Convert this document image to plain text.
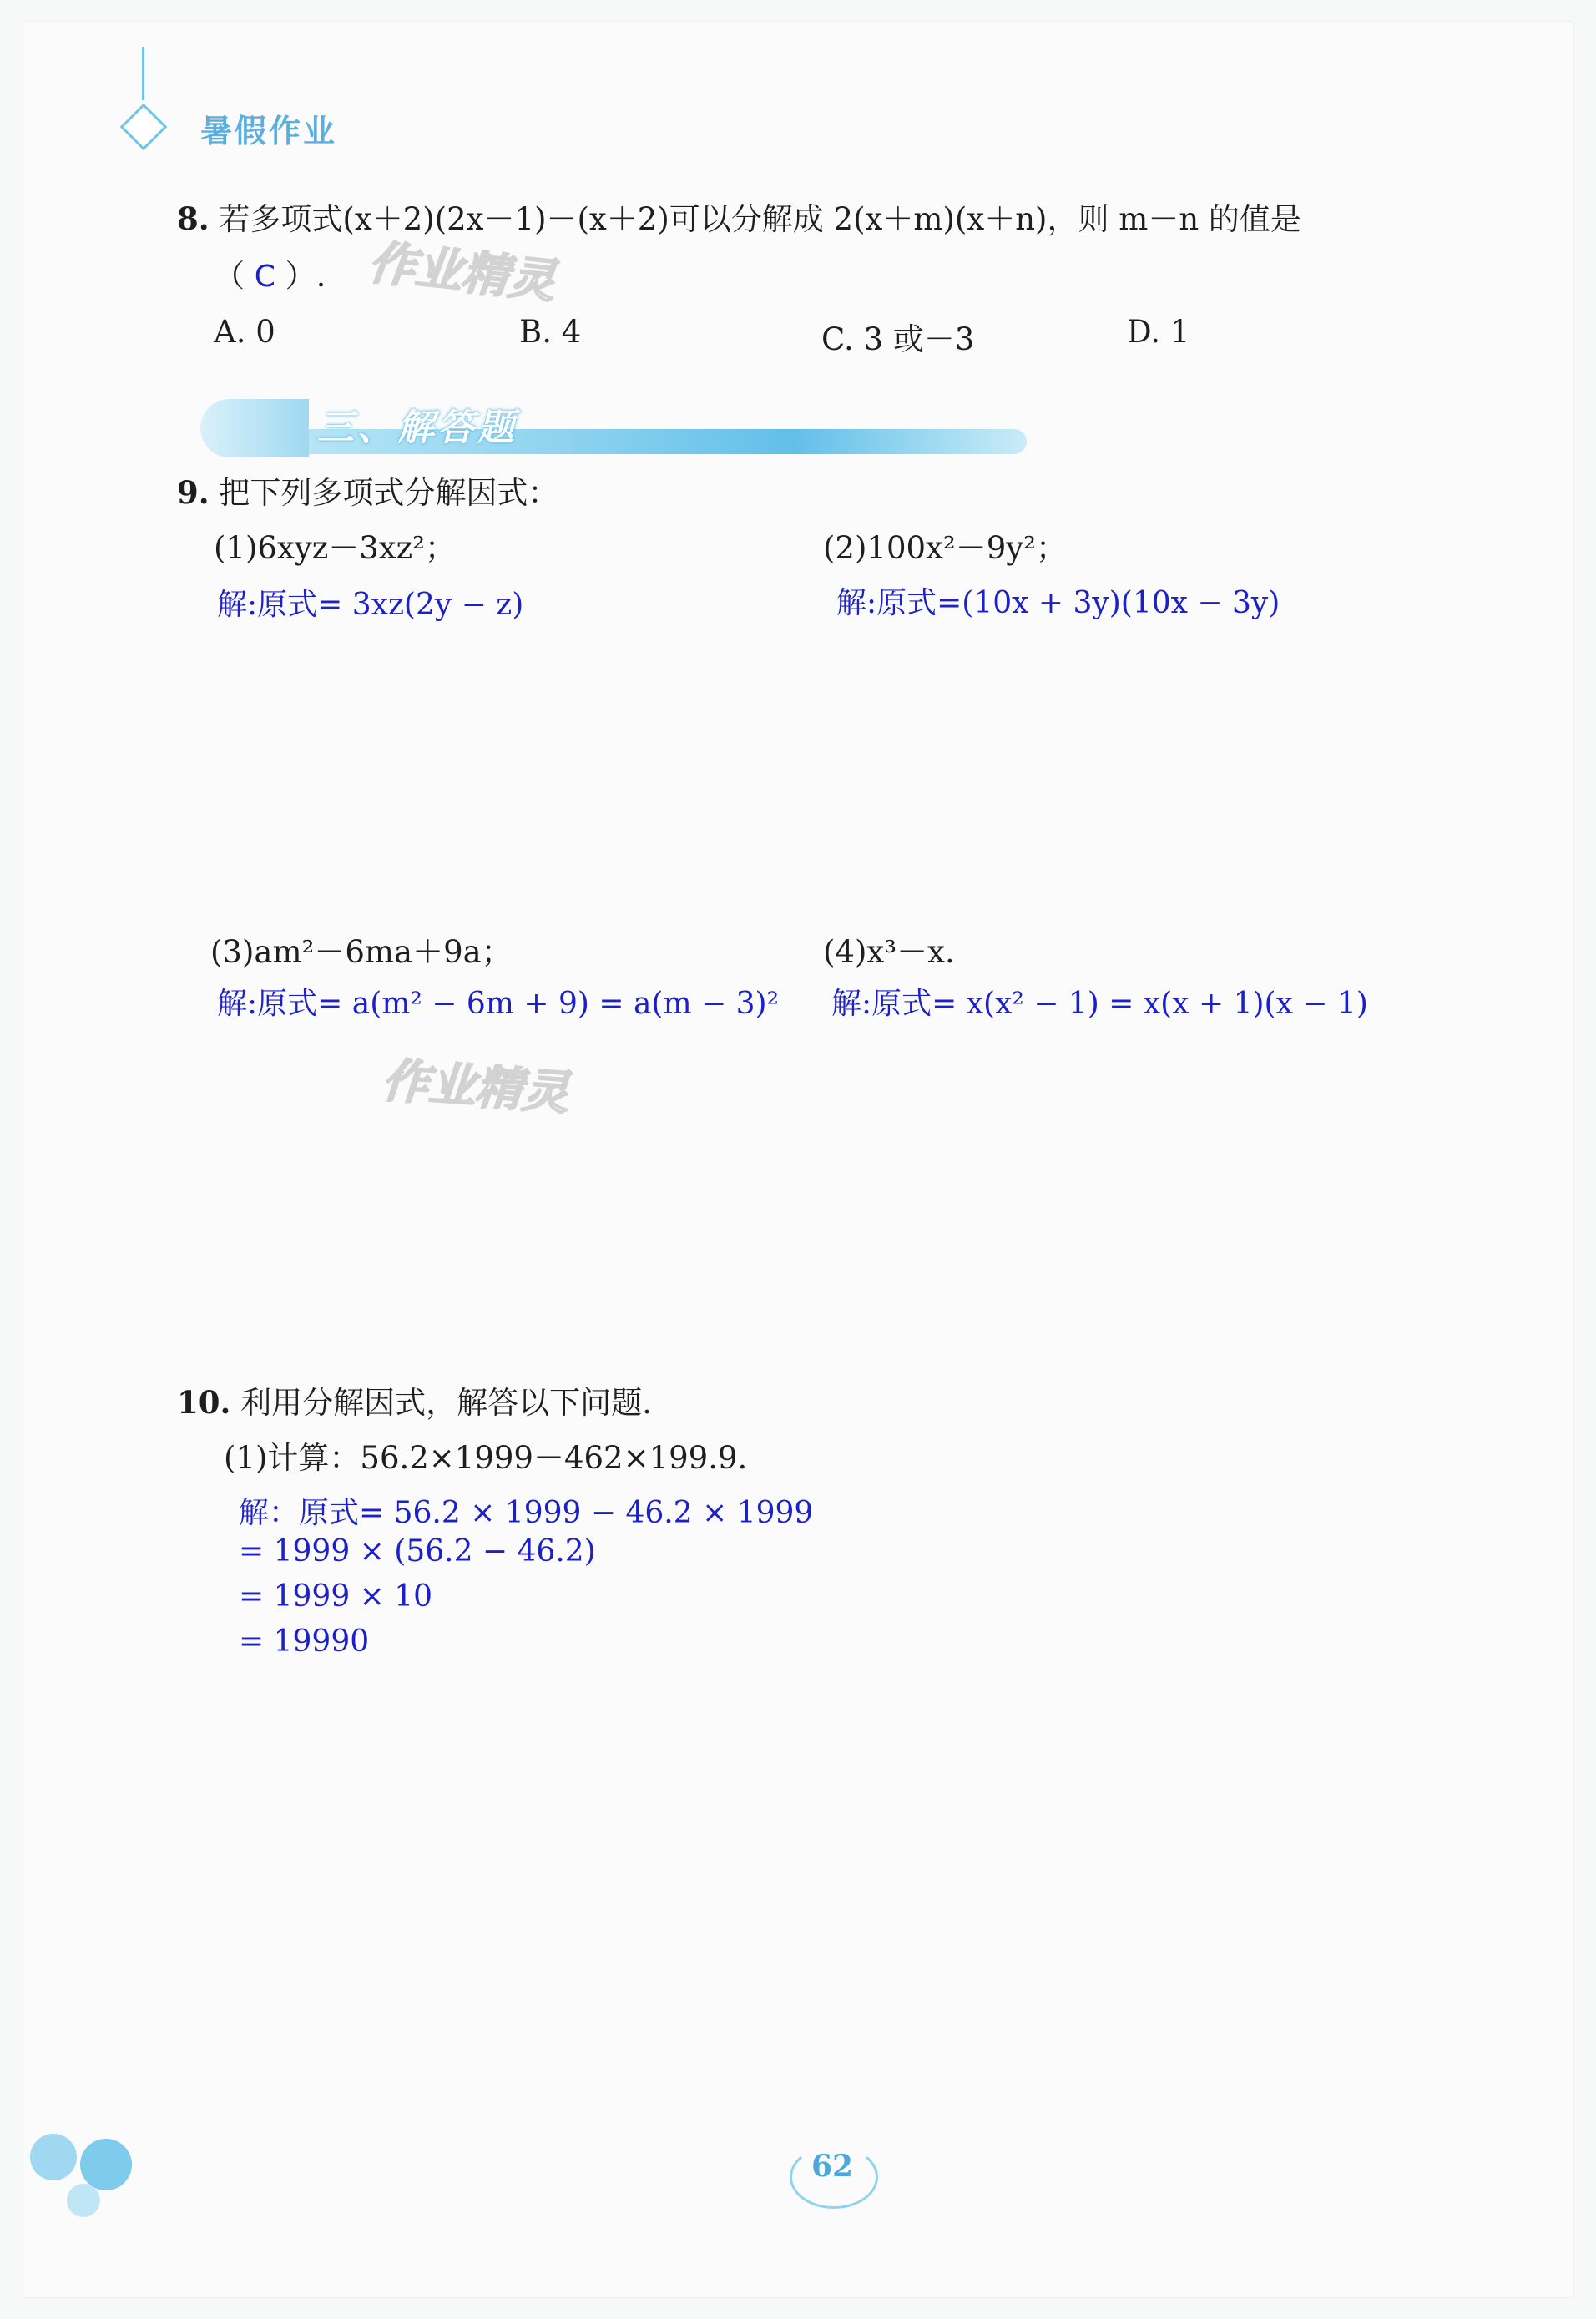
暑假作业
8. 若多项式(x＋2)(2x－1)－(x＋2)可以分解成 2(x＋m)(x＋n)，则 m－n 的值是
（ C ）. 作业精灵
A. 0	B. 4	C. 3 或－3	D. 1
三、解答题
9. 把下列多项式分解因式：
(1)6xyz－3xz²；
解:原式= 3xz(2y − z)
(2)100x²－9y²；
解:原式=(10x + 3y)(10x − 3y)
(3)am²－6ma＋9a；
解:原式= a(m² − 6m + 9) = a(m − 3)²
(4)x³－x.
解:原式= x(x² − 1) = x(x + 1)(x − 1)
作业精灵
10. 利用分解因式，解答以下问题.
(1)计算：56.2×1999－462×199.9.
解：原式= 56.2 × 1999 − 46.2 × 1999
= 1999 × (56.2 − 46.2)
= 1999 × 10
= 19990
62
